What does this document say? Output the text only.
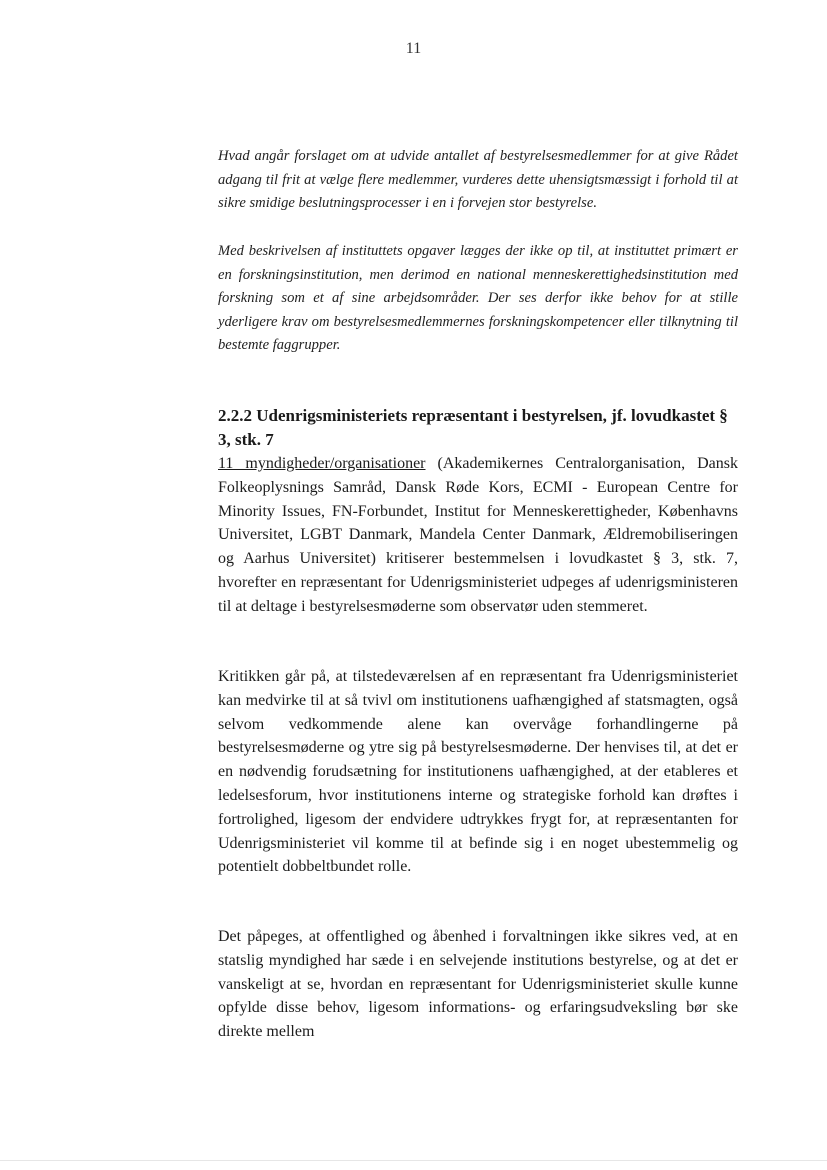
11
Hvad angår forslaget om at udvide antallet af bestyrelsesmedlemmer for at give Rådet adgang til frit at vælge flere medlemmer, vurderes dette uhensigtsmæssigt i forhold til at sikre smidige beslutningsprocesser i en i forvejen stor bestyrelse.
Med beskrivelsen af instituttets opgaver lægges der ikke op til, at instituttet primært er en forskningsinstitution, men derimod en national menneskerettighedsinstitution med forskning som et af sine arbejdsområder. Der ses derfor ikke behov for at stille yderligere krav om bestyrelsesmedlemmernes forskningskompetencer eller tilknytning til bestemte faggrupper.
2.2.2 Udenrigsministeriets repræsentant i bestyrelsen, jf. lovudkastet § 3, stk. 7
11 myndigheder/organisationer (Akademikernes Centralorganisation, Dansk Folkeoplysnings Samråd, Dansk Røde Kors, ECMI - European Centre for Minority Issues, FN-Forbundet, Institut for Menneskerettigheder, Københavns Universitet, LGBT Danmark, Mandela Center Danmark, Ældremobiliseringen og Aarhus Universitet) kritiserer bestemmelsen i lovudkastet § 3, stk. 7, hvorefter en repræsentant for Udenrigsministeriet udpeges af udenrigsministeren til at deltage i bestyrelsesmøderne som observatør uden stemmeret.
Kritikken går på, at tilstedeværelsen af en repræsentant fra Udenrigsministeriet kan medvirke til at så tvivl om institutionens uafhængighed af statsmagten, også selvom vedkommende alene kan overvåge forhandlingerne på bestyrelsesmøderne og ytre sig på bestyrelsesmøderne. Der henvises til, at det er en nødvendig forudsætning for institutionens uafhængighed, at der etableres et ledelsesforum, hvor institutionens interne og strategiske forhold kan drøftes i fortrolighed, ligesom der endvidere udtrykkes frygt for, at repræsentanten for Udenrigsministeriet vil komme til at befinde sig i en noget ubestemmelig og potentielt dobbeltbundet rolle.
Det påpeges, at offentlighed og åbenhed i forvaltningen ikke sikres ved, at en statslig myndighed har sæde i en selvejende institutions bestyrelse, og at det er vanskeligt at se, hvordan en repræsentant for Udenrigsministeriet skulle kunne opfylde disse behov, ligesom informations- og erfaringsudveksling bør ske direkte mellem
